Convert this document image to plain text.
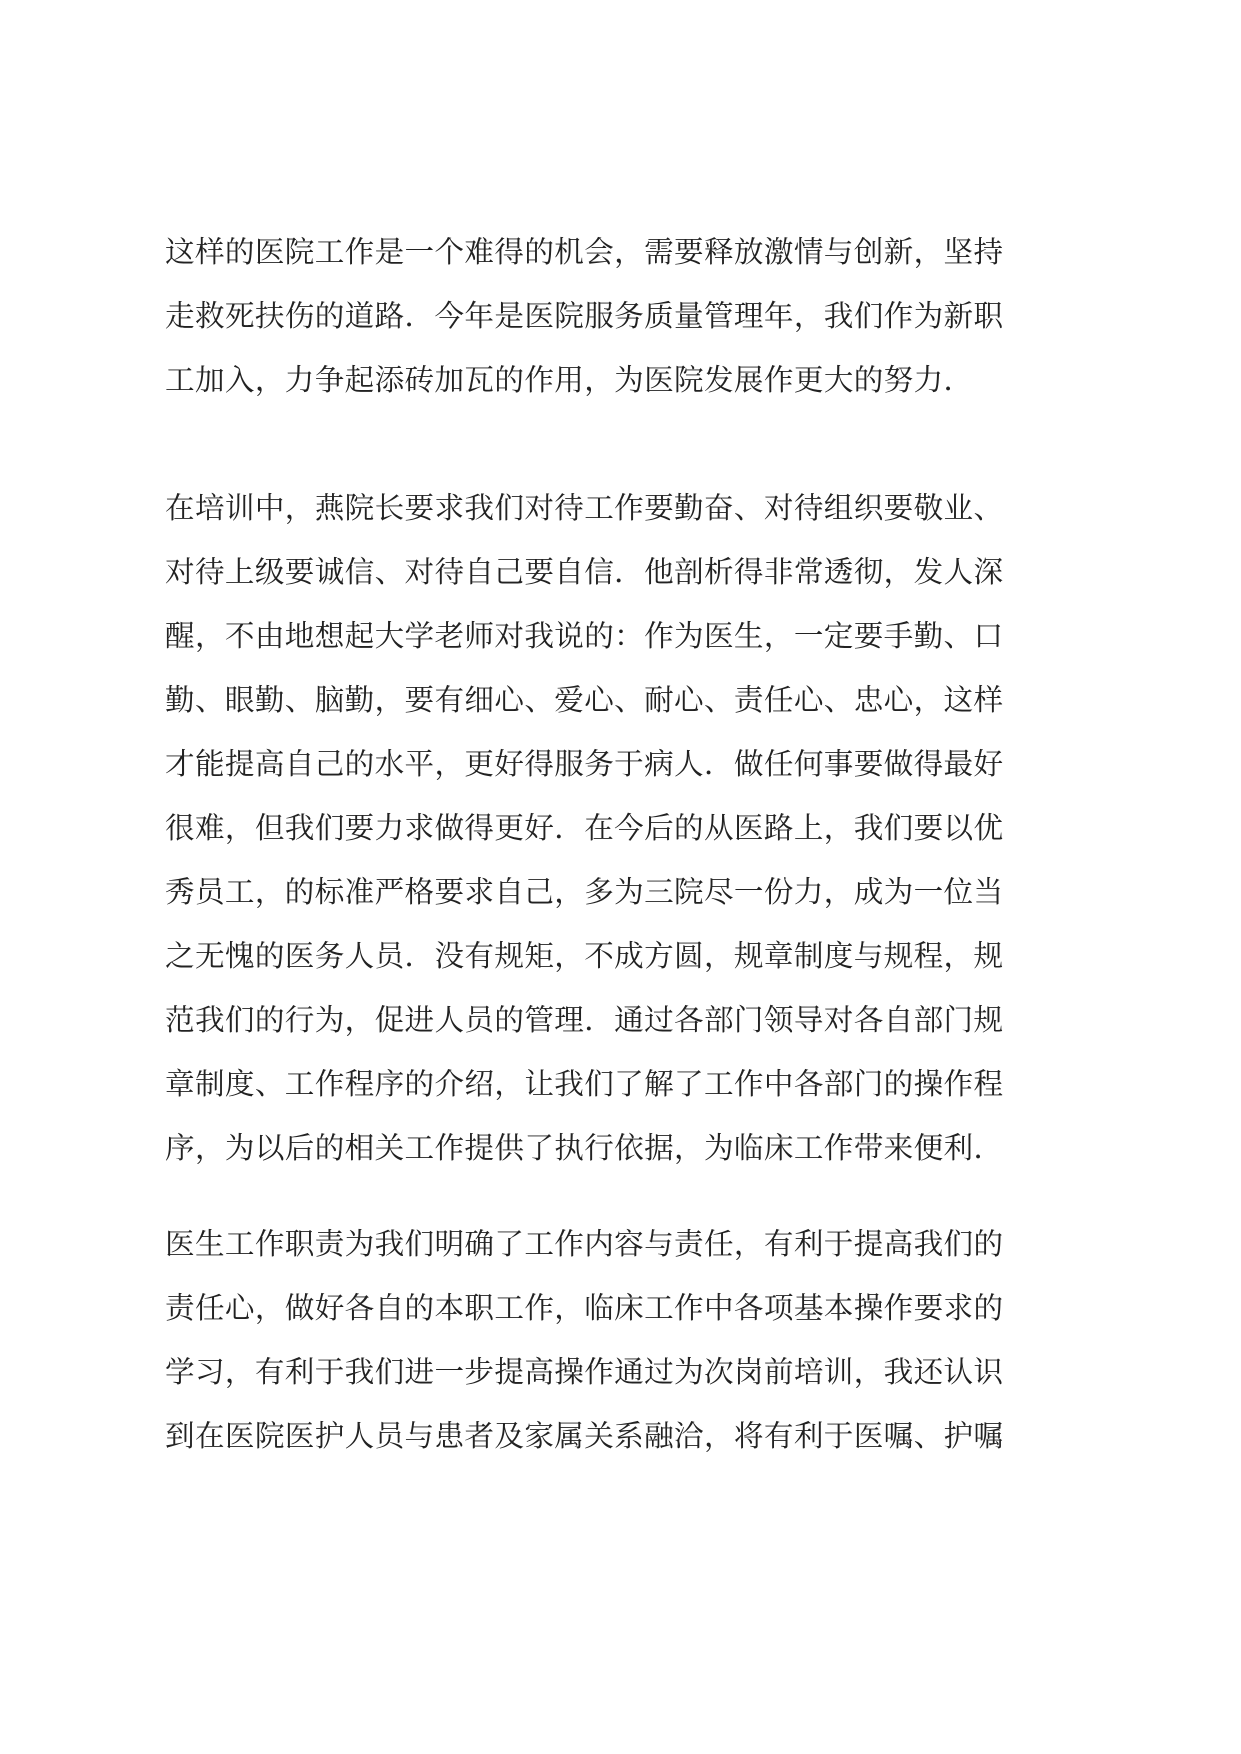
这样的医院工作是一个难得的机会，需要释放激情与创新，坚持
走救死扶伤的道路．今年是医院服务质量管理年，我们作为新职
工加入，力争起添砖加瓦的作用，为医院发展作更大的努力．
在培训中，燕院长要求我们对待工作要勤奋、对待组织要敬业、
对待上级要诚信、对待自己要自信．他剖析得非常透彻，发人深
醒，不由地想起大学老师对我说的：作为医生，一定要手勤、口
勤、眼勤、脑勤，要有细心、爱心、耐心、责任心、忠心，这样
才能提高自己的水平，更好得服务于病人．做任何事要做得最好
很难，但我们要力求做得更好．在今后的从医路上，我们要以优
秀员工，的标准严格要求自己，多为三院尽一份力，成为一位当
之无愧的医务人员．没有规矩，不成方圆，规章制度与规程，规
范我们的行为，促进人员的管理．通过各部门领导对各自部门规
章制度、工作程序的介绍，让我们了解了工作中各部门的操作程
序，为以后的相关工作提供了执行依据，为临床工作带来便利．
医生工作职责为我们明确了工作内容与责任，有利于提高我们的
责任心，做好各自的本职工作，临床工作中各项基本操作要求的
学习，有利于我们进一步提高操作通过为次岗前培训，我还认识
到在医院医护人员与患者及家属关系融洽，将有利于医嘱、护嘱
